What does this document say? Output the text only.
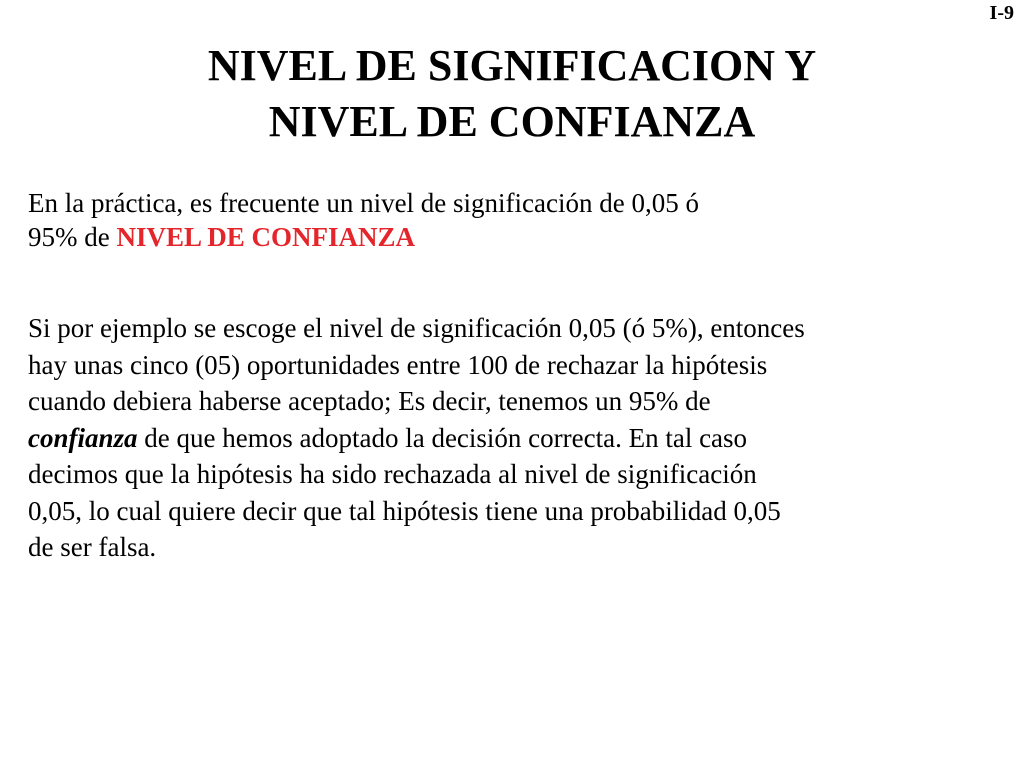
I-9
NIVEL DE SIGNIFICACION Y
NIVEL DE CONFIANZA

En la práctica, es frecuente un nivel de significación de 0,05 ó
95% de NIVEL DE CONFIANZA

Si por ejemplo se escoge el nivel de significación 0,05 (ó 5%), entonces
hay unas cinco (05) oportunidades entre 100 de rechazar la hipótesis
cuando debiera haberse aceptado; Es decir, tenemos un 95% de
confianza de que hemos adoptado la decisión correcta. En tal caso
decimos que la hipótesis ha sido rechazada al nivel de significación
0,05, lo cual quiere decir que tal hipótesis tiene una probabilidad 0,05
de ser falsa.
